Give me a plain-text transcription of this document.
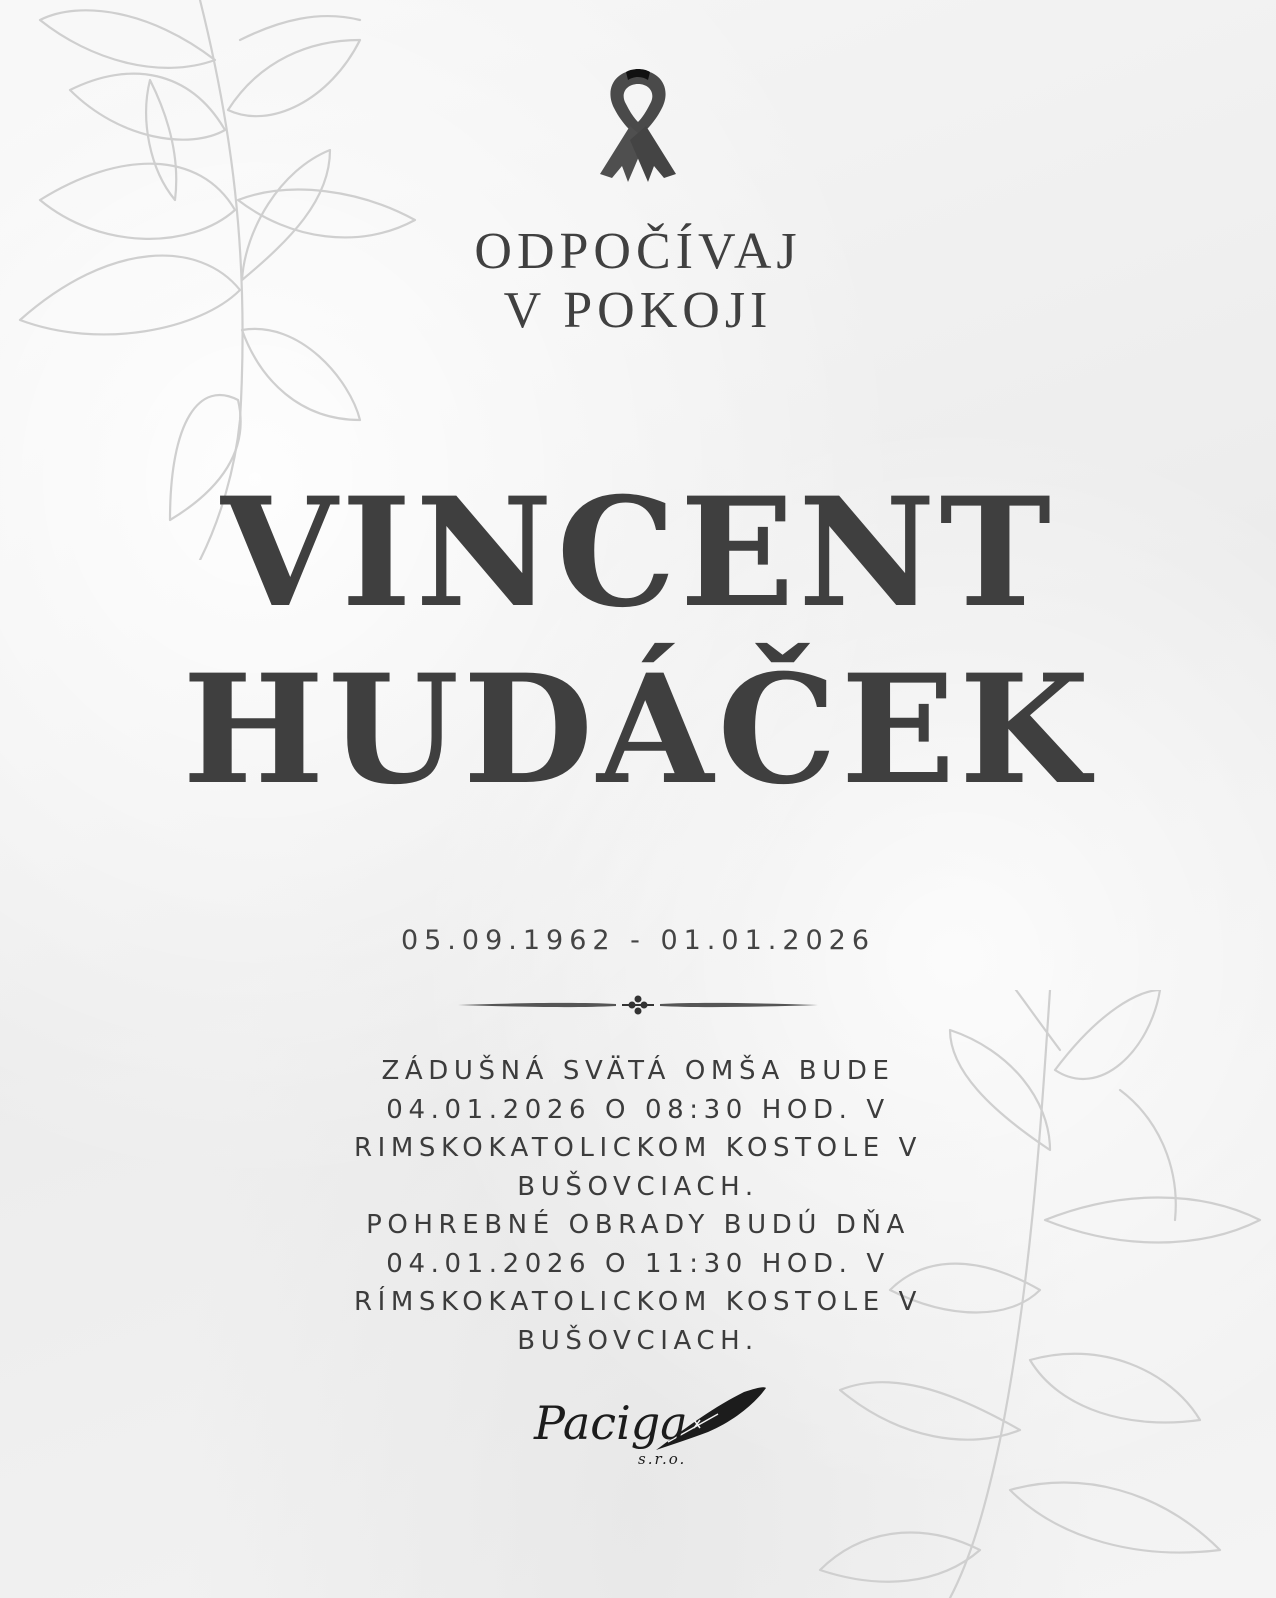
ODPOČÍVAJ
V POKOJI
VINCENT
HUDÁČEK
05.09.1962 - 01.01.2026
ZÁDUŠNÁ SVÄTÁ OMŠA BUDE
04.01.2026 O 08:30 HOD. V
RIMSKOKATOLICKOM KOSTOLE V
BUŠOVCIACH.
POHREBNÉ OBRADY BUDÚ DŇA
04.01.2026 O 11:30 HOD. V
RÍMSKOKATOLICKOM KOSTOLE V
BUŠOVCIACH.
Paciga
s.r.o.
